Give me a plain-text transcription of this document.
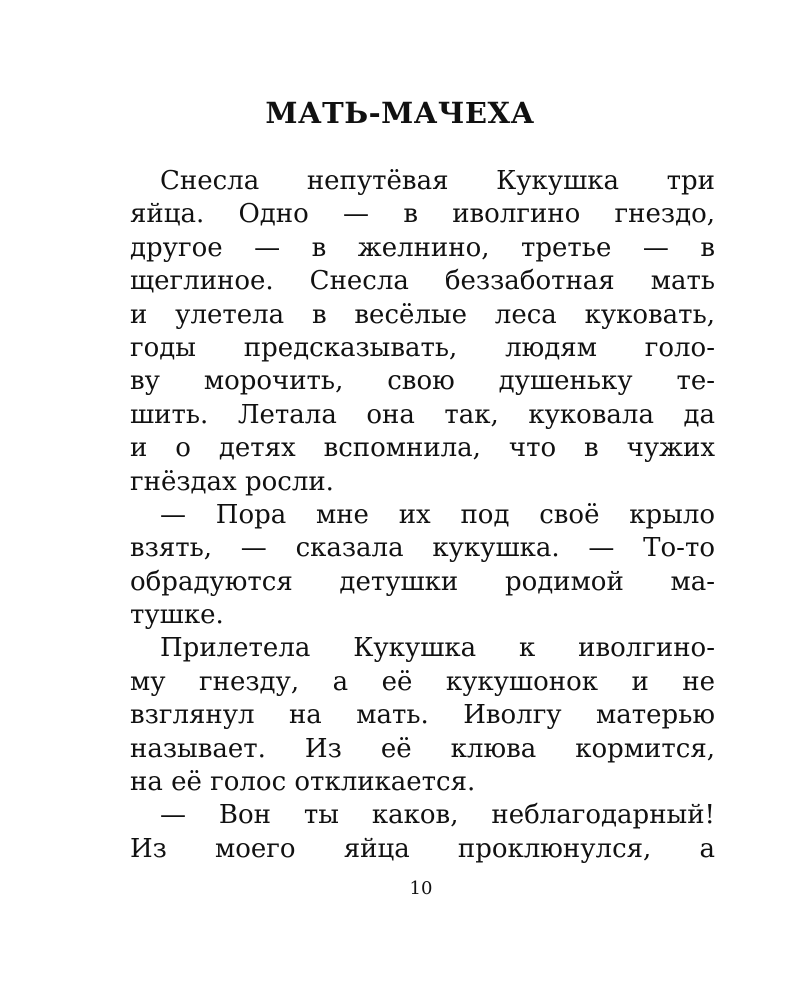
МАТЬ-МАЧЕХА
Снесла непутёвая Кукушка три
яйца. Одно — в иволгино гнездо,
другое — в желнино, третье — в
щеглиное. Снесла беззаботная мать
и улетела в весёлые леса куковать,
годы предсказывать, людям голо-
ву морочить, свою душеньку те-
шить. Летала она так, куковала да
и о детях вспомнила, что в чужих
гнёздах росли.
— Пора мне их под своё крыло
взять, — сказала кукушка. — То-то
обрадуются детушки родимой ма-
тушке.
Прилетела Кукушка к иволгино-
му гнезду, а её кукушонок и не
взглянул на мать. Иволгу матерью
называет. Из её клюва кормится,
на её голос откликается.
— Вон ты каков, неблагодарный!
Из моего яйца проклюнулся, а

10
